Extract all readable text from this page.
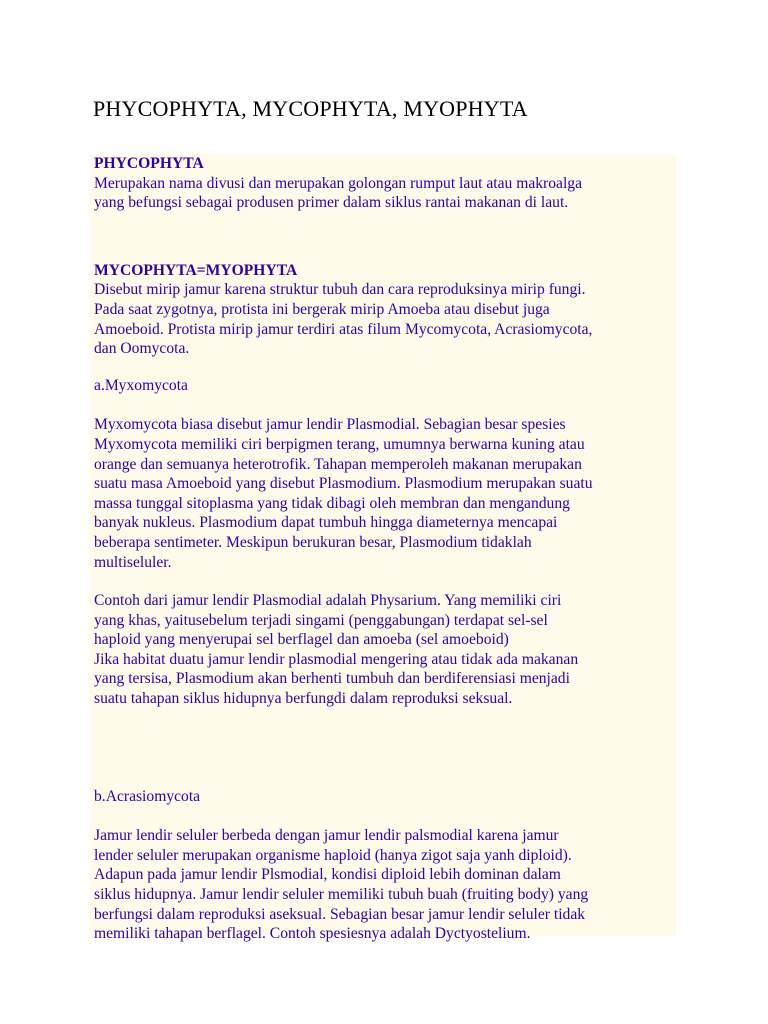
PHYCOPHYTA, MYCOPHYTA, MYOPHYTA

PHYCOPHYTA

Merupakan nama divusi dan merupakan golongan rumput laut atau makroalga

yang befungsi sebagai produsen primer dalam siklus rantai makanan di laut.

MYCOPHYTA=MYOPHYTA

Disebut mirip jamur karena struktur tubuh dan cara reproduksinya mirip fungi.

Pada saat zygotnya, protista ini bergerak mirip Amoeba atau disebut juga

Amoeboid. Protista mirip jamur terdiri atas filum Mycomycota, Acrasiomycota,

dan Oomycota.

a.Myxomycota

Myxomycota biasa disebut jamur lendir Plasmodial. Sebagian besar spesies

Myxomycota memiliki ciri berpigmen terang, umumnya berwarna kuning atau

orange dan semuanya heterotrofik. Tahapan memperoleh makanan merupakan

suatu masa Amoeboid yang disebut Plasmodium. Plasmodium merupakan suatu

massa tunggal sitoplasma yang tidak dibagi oleh membran dan mengandung

banyak nukleus. Plasmodium dapat tumbuh hingga diameternya mencapai

beberapa sentimeter. Meskipun berukuran besar, Plasmodium tidaklah

multiseluler.

Contoh dari jamur lendir Plasmodial adalah Physarium. Yang memiliki ciri

yang khas, yaitusebelum terjadi singami (penggabungan) terdapat sel-sel

haploid yang menyerupai sel berflagel dan amoeba (sel amoeboid)

Jika habitat duatu jamur lendir plasmodial mengering atau tidak ada makanan

yang tersisa, Plasmodium akan berhenti tumbuh dan berdiferensiasi menjadi

suatu tahapan siklus hidupnya berfungdi dalam reproduksi seksual.

b.Acrasiomycota

Jamur lendir seluler berbeda dengan jamur lendir palsmodial karena jamur

lender seluler merupakan organisme haploid (hanya zigot saja yanh diploid).

Adapun pada jamur lendir Plsmodial, kondisi diploid lebih dominan dalam

siklus hidupnya. Jamur lendir seluler memiliki tubuh buah (fruiting body) yang

berfungsi dalam reproduksi aseksual. Sebagian besar jamur lendir seluler tidak

memiliki tahapan berflagel. Contoh spesiesnya adalah Dyctyostelium.
